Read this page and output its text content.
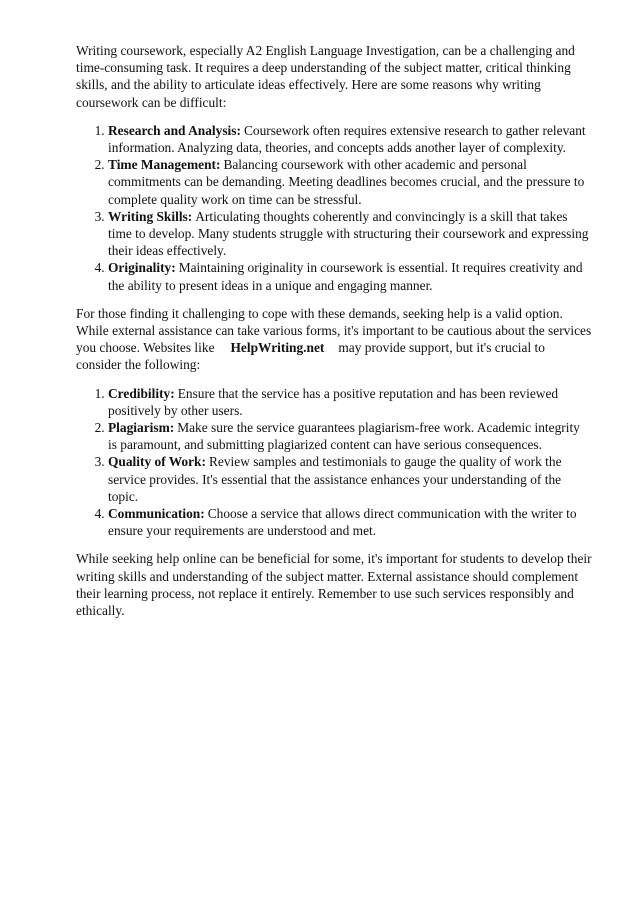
Writing coursework, especially A2 English Language Investigation, can be a challenging and time-consuming task. It requires a deep understanding of the subject matter, critical thinking skills, and the ability to articulate ideas effectively. Here are some reasons why writing coursework can be difficult:

1. Research and Analysis: Coursework often requires extensive research to gather relevant information. Analyzing data, theories, and concepts adds another layer of complexity.
2. Time Management: Balancing coursework with other academic and personal commitments can be demanding. Meeting deadlines becomes crucial, and the pressure to complete quality work on time can be stressful.
3. Writing Skills: Articulating thoughts coherently and convincingly is a skill that takes time to develop. Many students struggle with structuring their coursework and expressing their ideas effectively.
4. Originality: Maintaining originality in coursework is essential. It requires creativity and the ability to present ideas in a unique and engaging manner.

For those finding it challenging to cope with these demands, seeking help is a valid option. While external assistance can take various forms, it's important to be cautious about the services you choose. Websites like HelpWriting.net may provide support, but it's crucial to consider the following:

1. Credibility: Ensure that the service has a positive reputation and has been reviewed positively by other users.
2. Plagiarism: Make sure the service guarantees plagiarism-free work. Academic integrity is paramount, and submitting plagiarized content can have serious consequences.
3. Quality of Work: Review samples and testimonials to gauge the quality of work the service provides. It's essential that the assistance enhances your understanding of the topic.
4. Communication: Choose a service that allows direct communication with the writer to ensure your requirements are understood and met.

While seeking help online can be beneficial for some, it's important for students to develop their writing skills and understanding of the subject matter. External assistance should complement their learning process, not replace it entirely. Remember to use such services responsibly and ethically.
